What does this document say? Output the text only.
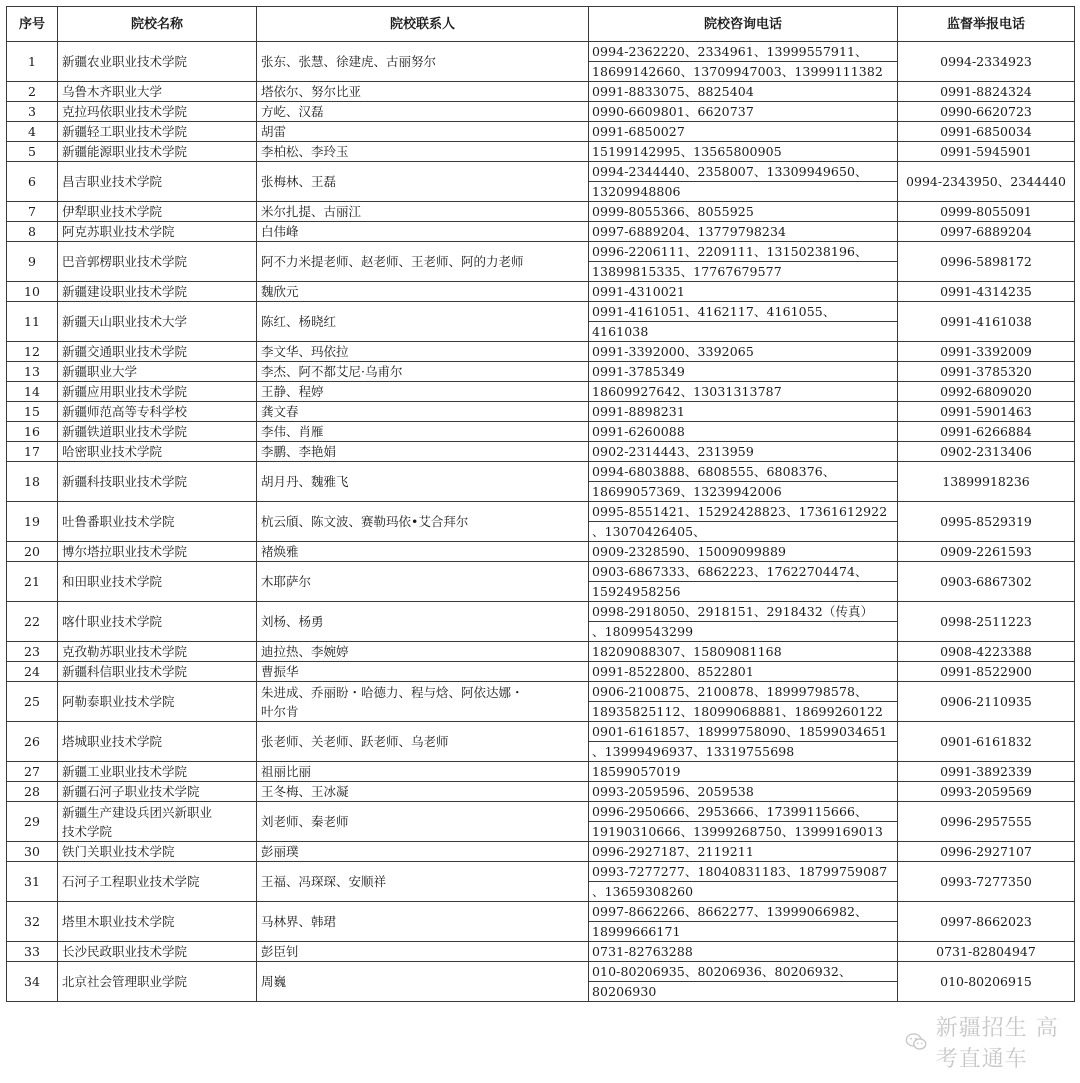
序号	院校名称	院校联系人	院校咨询电话	监督举报电话
1	新疆农业职业技术学院	张东、张慧、徐建虎、古丽努尔	0994-2362220、2334961、13999557911、
18699142660、13709947003、13999111382	0994-2334923
2	乌鲁木齐职业大学	塔依尔、努尔比亚	0991-8833075、8825404	0991-8824324
3	克拉玛依职业技术学院	方屹、汉磊	0990-6609801、6620737	0990-6620723
4	新疆轻工职业技术学院	胡雷	0991-6850027	0991-6850034
5	新疆能源职业技术学院	李柏松、李玲玉	15199142995、13565800905	0991-5945901
6	昌吉职业技术学院	张梅林、王磊	0994-2344440、2358007、13309949650、
13209948806	0994-2343950、2344440
7	伊犁职业技术学院	米尔扎提、古丽江	0999-8055366、8055925	0999-8055091
8	阿克苏职业技术学院	白伟峰	0997-6889204、13779798234	0997-6889204
9	巴音郭楞职业技术学院	阿不力米提老师、赵老师、王老师、阿的力老师	0996-2206111、2209111、13150238196、
13899815335、17767679577	0996-5898172
10	新疆建设职业技术学院	魏欣元	0991-4310021	0991-4314235
11	新疆天山职业技术大学	陈红、杨晓红	0991-4161051、4162117、4161055、
4161038	0991-4161038
12	新疆交通职业技术学院	李文华、玛依拉	0991-3392000、3392065	0991-3392009
13	新疆职业大学	李杰、阿不都艾尼·乌甫尔	0991-3785349	0991-3785320
14	新疆应用职业技术学院	王静、程婷	18609927642、13031313787	0992-6809020
15	新疆师范高等专科学校	龚文春	0991-8898231	0991-5901463
16	新疆铁道职业技术学院	李伟、肖雁	0991-6260088	0991-6266884
17	哈密职业技术学院	李鹏、李艳娟	0902-2314443、2313959	0902-2313406
18	新疆科技职业技术学院	胡月丹、魏雅飞	0994-6803888、6808555、6808376、
18699057369、13239942006	13899918236
19	吐鲁番职业技术学院	杭云頎、陈文波、赛勒玛依•艾合拜尔	0995-8551421、15292428823、17361612922
、13070426405、	0995-8529319
20	博尔塔拉职业技术学院	褚焕雅	0909-2328590、15009099889	0909-2261593
21	和田职业技术学院	木耶萨尔	0903-6867333、6862223、17622704474、
15924958256	0903-6867302
22	喀什职业技术学院	刘杨、杨勇	0998-2918050、2918151、2918432（传真）
、18099543299	0998-2511223
23	克孜勒苏职业技术学院	迪拉热、李婉婷	18209088307、15809081168	0908-4223388
24	新疆科信职业技术学院	曹振华	0991-8522800、8522801	0991-8522900
25	阿勒泰职业技术学院	朱进成、乔丽盼・哈德力、程与焓、阿依达娜・
叶尔肯	0906-2100875、2100878、18999798578、
18935825112、18099068881、18699260122	0906-2110935
26	塔城职业技术学院	张老师、关老师、跃老师、乌老师	0901-6161857、18999758090、18599034651
、13999496937、13319755698	0901-6161832
27	新疆工业职业技术学院	祖丽比丽	18599057019	0991-3892339
28	新疆石河子职业技术学院	王冬梅、王冰凝	0993-2059596、2059538	0993-2059569
29	新疆生产建设兵团兴新职业
技术学院	刘老师、秦老师	0996-2950666、2953666、17399115666、
19190310666、13999268750、13999169013	0996-2957555
30	铁门关职业技术学院	彭丽璞	0996-2927187、2119211	0996-2927107
31	石河子工程职业技术学院	王福、冯琛琛、安顺祥	0993-7277277、18040831183、18799759087
、13659308260	0993-7277350
32	塔里木职业技术学院	马林界、韩珺	0997-8662266、8662277、13999066982、
18999666171	0997-8662023
33	长沙民政职业技术学院	彭臣钊	0731-82763288	0731-82804947
34	北京社会管理职业学院	周巍	010-80206935、80206936、80206932、
80206930	010-80206915
新疆招生 高考直通车
